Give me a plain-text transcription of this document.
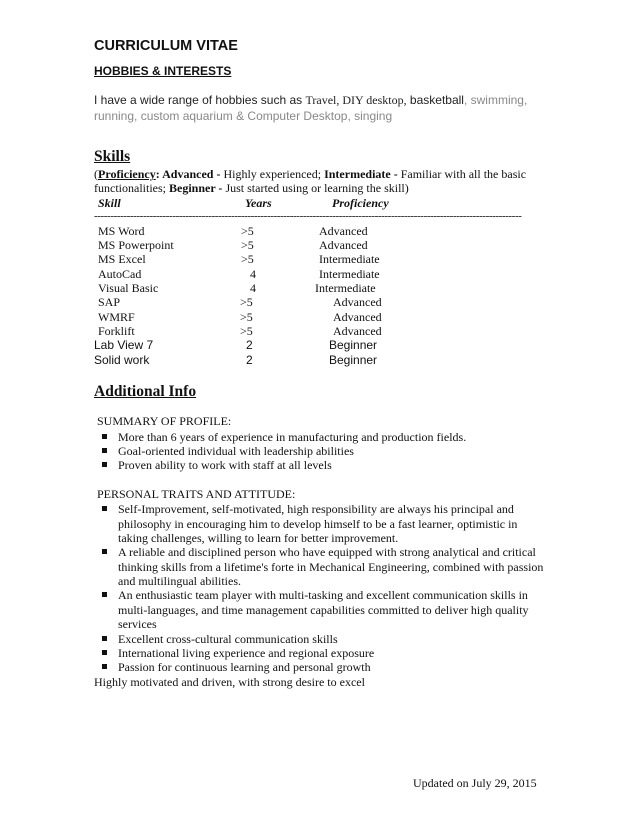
CURRICULUM VITAE
HOBBIES & INTERESTS
I have a wide range of hobbies such as Travel, DIY desktop, basketball, swimming,
running, custom aquarium & Computer Desktop, singing
Skills
(Proficiency: Advanced - Highly experienced; Intermediate - Familiar with all the basic
functionalities; Beginner - Just started using or learning the skill)
Skill	Years	Proficiency
-----------------------------------------------------------------------------------------------------------------------------------
MS Word	>5	Advanced
MS Powerpoint	>5	Advanced
MS Excel	>5	Intermediate
AutoCad	4	Intermediate
Visual Basic	4	Intermediate
SAP	>5	Advanced
WMRF	>5	Advanced
Forklift	>5	Advanced
Lab View 7	2	Beginner
Solid work	2	Beginner
Additional Info
SUMMARY OF PROFILE:
More than 6 years of experience in manufacturing and production fields.
Goal-oriented individual with leadership abilities
Proven ability to work with staff at all levels
PERSONAL TRAITS AND ATTITUDE:
Self-Improvement, self-motivated, high responsibility are always his principal and philosophy in encouraging him to develop himself to be a fast learner, optimistic in taking challenges, willing to learn for better improvement.
A reliable and disciplined person who have equipped with strong analytical and critical thinking skills from a lifetime's forte in Mechanical Engineering, combined with passion and multilingual abilities.
An enthusiastic team player with multi-tasking and excellent communication skills in multi-languages, and time management capabilities committed to deliver high quality services
Excellent cross-cultural communication skills
International living experience and regional exposure
Passion for continuous learning and personal growth
Highly motivated and driven, with strong desire to excel
Updated on July 29, 2015
